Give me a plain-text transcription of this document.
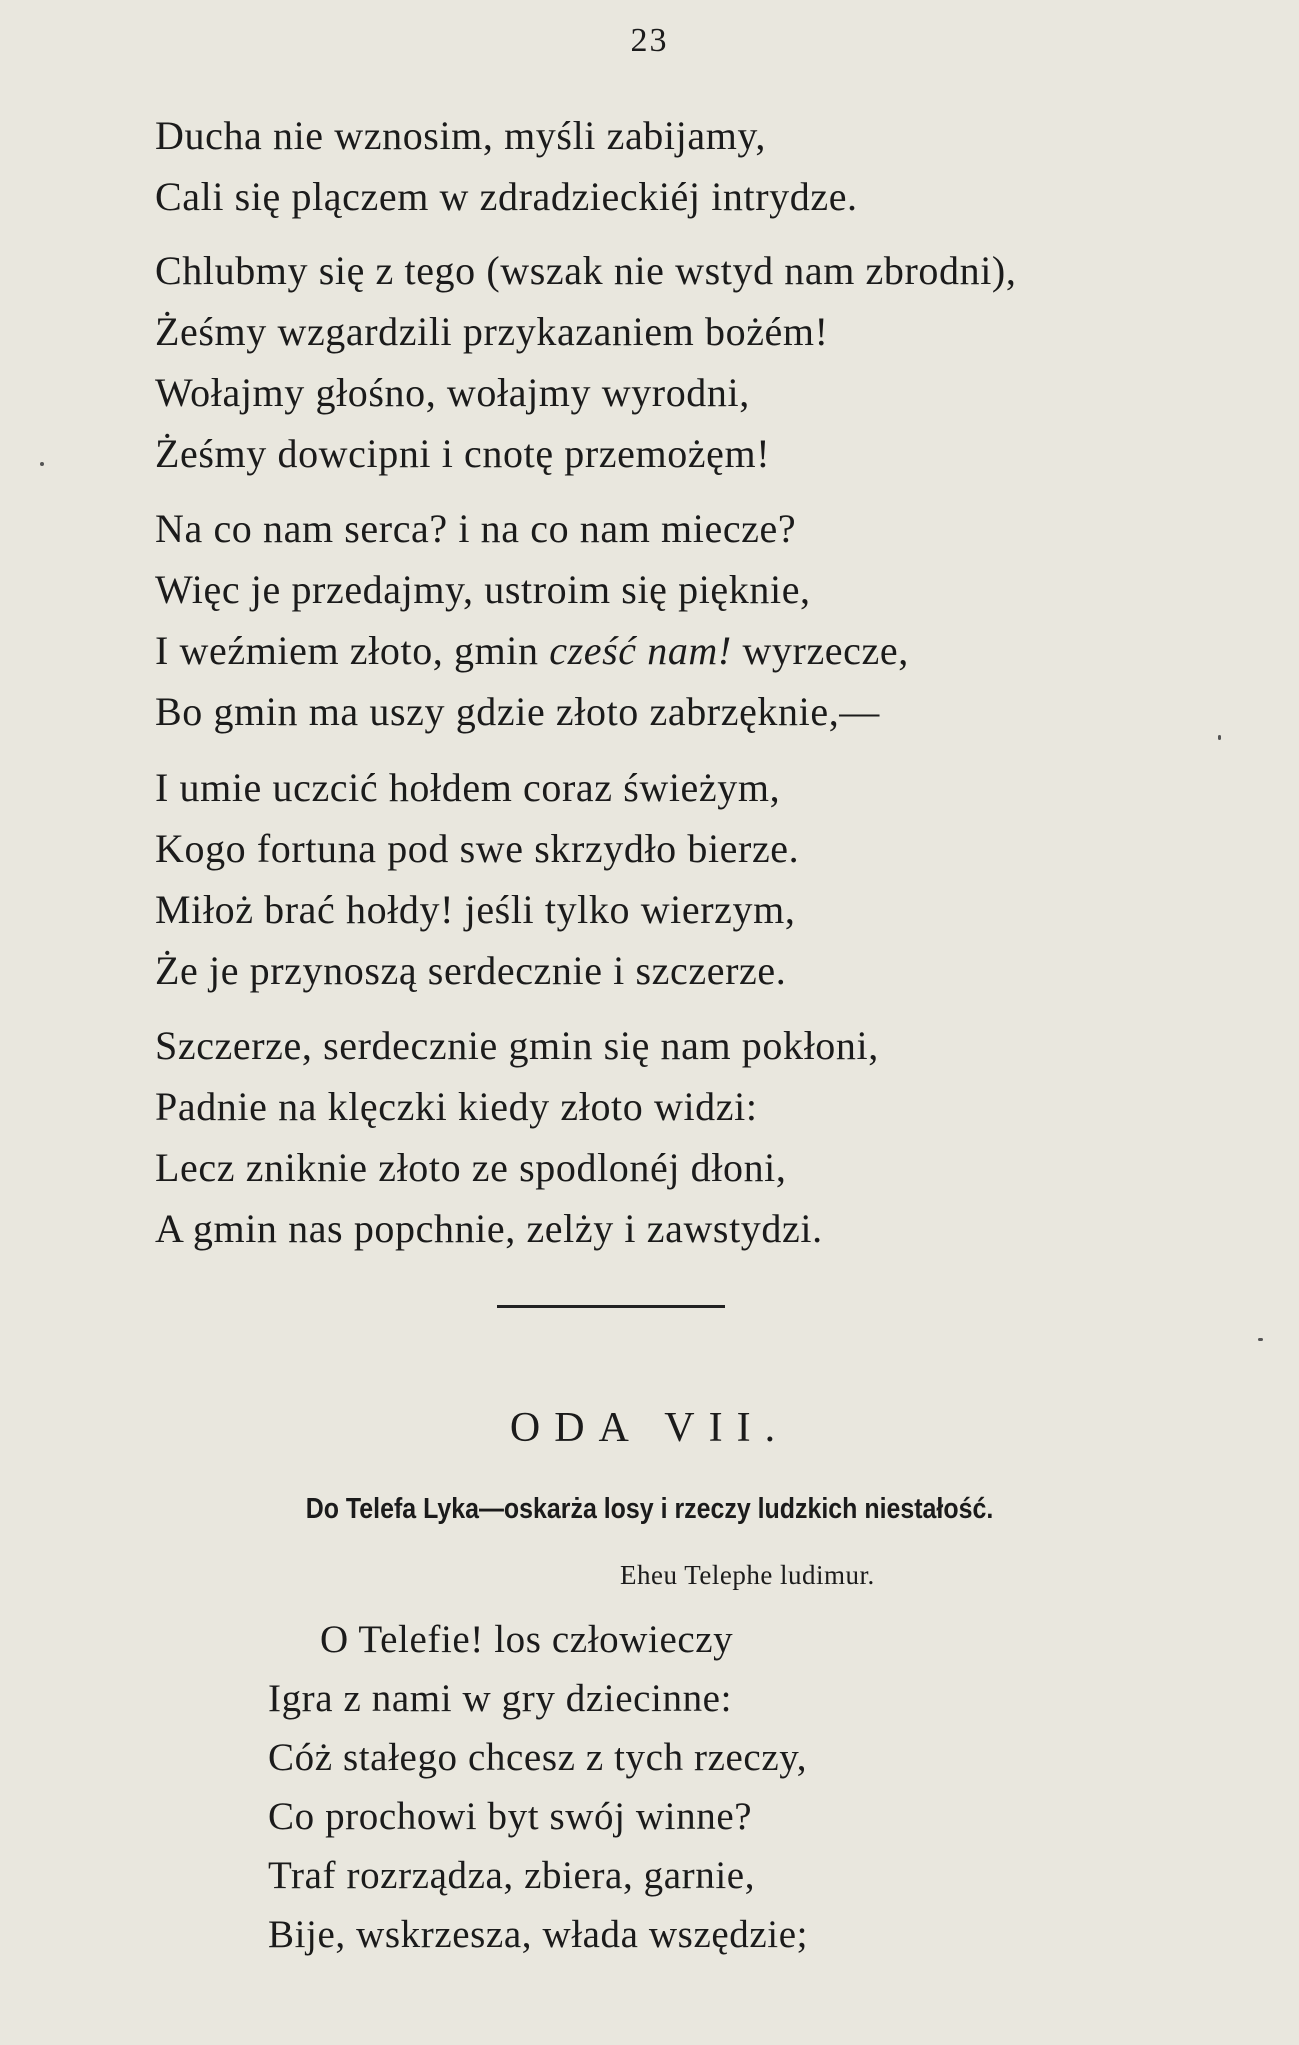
23
Ducha nie wznosim, myśli zabijamy,
Cali się plączem w zdradzieckiéj intrydze.
Chlubmy się z tego (wszak nie wstyd nam zbrodni),
Żeśmy wzgardzili przykazaniem bożém!
Wołajmy głośno, wołajmy wyrodni,
Żeśmy dowcipni i cnotę przemożęm!
Na co nam serca? i na co nam miecze?
Więc je przedajmy, ustroim się pięknie,
I weźmiem złoto, gmin cześć nam! wyrzecze,
Bo gmin ma uszy gdzie złoto zabrzęknie,—
I umie uczcić hołdem coraz świeżym,
Kogo fortuna pod swe skrzydło bierze.
Miłoż brać hołdy! jeśli tylko wierzym,
Że je przynoszą serdecznie i szczerze.
Szczerze, serdecznie gmin się nam pokłoni,
Padnie na klęczki kiedy złoto widzi:
Lecz zniknie złoto ze spodlonéj dłoni,
A gmin nas popchnie, zelży i zawstydzi.
ODA VII.
Do Telefa Lyka—oskarża losy i rzeczy ludzkich niestałość.
Eheu Telephe ludimur.
O Telefie! los człowieczy
Igra z nami w gry dziecinne:
Cóż stałego chcesz z tych rzeczy,
Co prochowi byt swój winne?
Traf rozrządza, zbiera, garnie,
Bije, wskrzesza, włada wszędzie;
